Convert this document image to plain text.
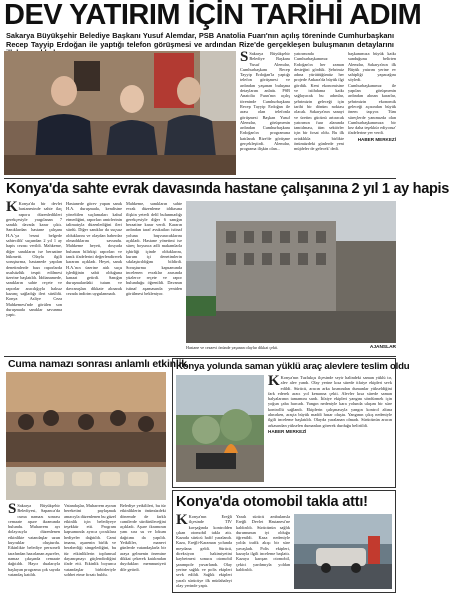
DEV YATIRIM İÇİN TARİHİ ADIM
Sakarya Büyükşehir Belediye Başkanı Yusuf Alemdar, PSB Anatolia Fuarı'nın açılış töreninde Cumhurbaşkanı Recep Tayyip Erdoğan ile yaptığı telefon görüşmesi ve ardından Rize'de gerçekleşen buluşmanın detaylarını
S Sakarya Büyükşehir Belediye Başkanı Yusuf Alemdar, Cumhurbaşkanı Recep Tayyip Erdoğan'la yaptığı telefon görüşmesi ve ardından yaşanan buluşma detaylarını anlattı. PSB Anatolia Fuarı'nın açılış töreninde Cumhurbaşkanı Recep Tayyip Erdoğan ile arası olan telefonla görüşmesi Başkan Yusuf Alemdar, görüşmenin ardından Cumhurbaşkanı Erdoğan'ın programına katılarak Rize'de görüşme gerçekleştirdi. Alemdar, programa ilişkin olan...
yatırımında Cumhurbaşkanımız Erdoğan'ın her zaman desteğini gördük. Şehrimiz adına yürüttüğümüz her projede Ankara'da büyük ilgi gördük. Kent ekonomisine ve istihdama katkı sağlayacak bu adımlar, şehrimizin geleceği için tarihi bir dönüm noktası olacak. Sakarya'nın sanayi ve üretim gücünü artıracak yatırımın fuar alanında tanıtılması, tüm sektörler için bir fırsat oldu. Bu ilk ortaklıkla birlikte önümüzdeki günlerde yeni müjdeler de gelecek' dedi.
başkanımıza büyük katkı sunduğunu belirten Alemdar, Sakarya'nın ilk Büyük yatırım yerine ev sahipliği yapacağını söyledi. Cumhurbaşkanımız ile yapılan görüşmenin ardından alınan kararlar, şehrimizin ekonomik geleceği açısından büyük önem taşıyor. Tüm süreçlerde yanımızda olan Cumhurbaşkanımıza bir kez daha teşekkür ediyoruz' ifadelerine yer verdi.
HABER MERKEZİ
Konya'da sahte evrak davasında hastane çalışanına 2 yıl 1 ay hapis
K Konya'da bir devlet hastanesinde sahte ilaç raporu düzenledikleri gerekçesiyle yargılanan 7 sanıklı davada karar çıktı. Sanıklardan hastane çalışanı H.A.'ya 'resmi belgede sahtecilik' suçundan 2 yıl 1 ay hapis cezası verildi. Mahkeme, diğer sanıkların ise beraatine hükmetti. Olayla ilgili soruşturma, hastanede yapılan denetimlerde bazı raporlarda usulsüzlük tespit edilmesi üzerine başlatıldı. İddianamede, sanıkların sahte reçete ve raporlar aracılığıyla haksız kazanç sağladığı ileri sürüldü. Konya Asliye Ceza Mahkemesi'nde görülen son duruşmada sanıklar savunma yaptı.
Hastanede görev yapan sanık H.A. duruşmada, kendisine yöneltilen suçlamaları kabul etmediğini, raporları amirlerinin talimatıyla düzenlediğini ileri sürdü. Diğer sanıklar da suçsuz olduklarını ve olaydan haberdar olmadıklarını savundu. Mahkeme heyeti, dosyada bulunan bilirkişi raporları ve tanık ifadelerini değerlendirerek kararını açıkladı. Heyet, sanık H.A.'nın üzerine atılı suçu işlediğinin sabit olduğuna kanaat getirdi. Sanığın duruşmalardaki tutum ve davranışları dikkate alınarak cezada indirim uygulanmadı.
Mahkeme, sanıkların sahte evrak düzenleme iddiasına ilişkin yeterli delil bulunmadığı gerekçesiyle diğer 6 sanığın beraatine karar verdi. Kararın ardından taraf avukatları istinaf yoluna başvuracaklarını açıkladı. Hastane yönetimi ise süreç boyunca adli makamlarla işbirliği içinde olduklarını, kurum içi denetimlerin sıkılaştırıldığını bildirdi. Soruşturma kapsamında incelenen evraklar arasında yüzlerce reçete ve rapor bulunduğu öğrenildi. Davanın istinaf aşamasında yeniden görülmesi bekleniyor.
Hastane ve cezaevi önünde yaşanan olaylar dikkat çekti.	AJANSLAR
Cuma namazı sonrası anlamlı etkinlik
S Sakarya Büyükşehir Belediyesi, Sapanca'da cuma namazı sonrası cemaate aşure ikramında bulundu. Muharrem ayı dolayısıyla düzenlenen etkinlikte vatandaşlar uzun kuyruklar oluşturdu. Etkinlikte belediye personeli tarafından hazırlanan aşureler, namaz çıkışında cemaate dağıtıldı. Hayır dualarıyla başlayan programa çok sayıda vatandaş katıldı.
Vatandaşlar, Muharrem ayının bereketini paylaşmak amacıyla düzenlenen bu güzel etkinlik için belediyeye teşekkür etti. Program kapsamında ayrıca çocuklara hediyeler dağıtıldı. Cami imamı, aşurenin birlik ve beraberliği simgelediğini, bu tür etkinliklerin toplumsal dayanışmayı güçlendirdiğini ifade etti. Etkinlik boyunca vatandaşlar birbirleriyle sohbet etme fırsatı buldu.
Belediye yetkilileri, bu tür etkinliklerin önümüzdeki dönemde de farklı camilerde sürdürüleceğini açıkladı. Aşure ikramının yanı sıra su ve lokum dağıtımı da yapıldı. Yetkililer, manevi günlerde vatandaşlarla bir araya gelmenin önemine dikkat çekerek katılımdan duydukları memnuniyeti dile getirdi.
Konya yolunda saman yüklü araç alevlere teslim oldu
K Konya'nın Tuzlukçu ilçesinde seyir halindeki saman yüklü tır, alev alev yandı. Olay yerine kısa sürede itfaiye ekipleri sevk edildi. Sürücü, aracın arka kısmından dumanlar yükseldiğini fark ederek aracı yol kenarına çekti. Alevler kısa sürede saman balyalarının tamamını sardı. İtfaiye ekipleri yangını söndürmek için yoğun çaba harcadı. Yangın nedeniyle kara yolunda ulaşım bir süre kontrollü sağlandı. Ekiplerin çalışmasıyla yangın kontrol altına alınırken, araçta büyük maddi hasar oluştu. Yangının çıkış nedeniyle ilgili inceleme başlatıldı. Olayda yaralanan olmadı. Sürücünün aracın arkasından yükselen dumanları görerek durduğu belirtildi.
HABER MERKEZİ
Konya'da otomobil takla attı!
K Konya'nın Ereğli ilçesinde TIV kavşağında kontrolden çıkan otomobil takla attı. Kazada sürücü hafif yaralandı. Kaza, Ereğli-Karaman yolunda meydana geldi. Sürücü, direksiyon hakimiyetini kaybetmesi sonucu otomobil şarampole yuvarlandı. Olay yerine sağlık ve polis ekipleri sevk edildi. Sağlık ekipleri yaralı sürücüye ilk müdahaleyi olay yerinde yaptı.
Yaralı sürücü ambulansla Ereğli Devlet Hastanesi'ne kaldırıldı. Sürücünün sağlık durumunun iyi olduğu öğrenildi. Kaza nedeniyle yolda trafik akışı bir süre yavaşladı. Polis ekipleri, kazayla ilgili inceleme başlattı. Kazaya karışan otomobil, çekici yardımıyla yoldan kaldırıldı.
